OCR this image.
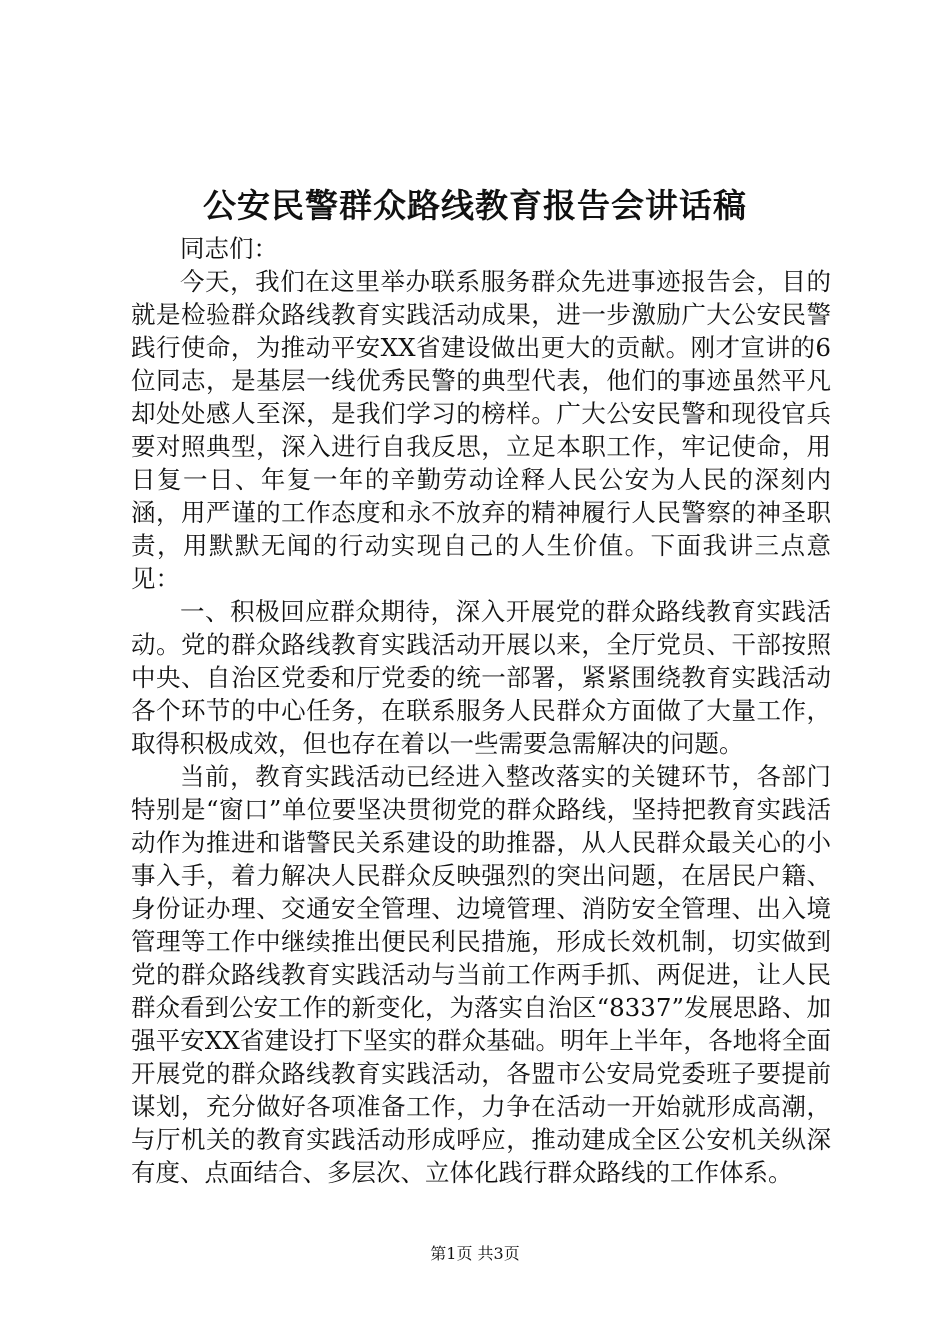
公安民警群众路线教育报告会讲话稿

同志们：

今天，我们在这里举办联系服务群众先进事迹报告会，目的就是检验群众路线教育实践活动成果，进一步激励广大公安民警践行使命，为推动平安XX省建设做出更大的贡献。刚才宣讲的6位同志，是基层一线优秀民警的典型代表，他们的事迹虽然平凡却处处感人至深，是我们学习的榜样。广大公安民警和现役官兵要对照典型，深入进行自我反思，立足本职工作，牢记使命，用日复一日、年复一年的辛勤劳动诠释人民公安为人民的深刻内涵，用严谨的工作态度和永不放弃的精神履行人民警察的神圣职责，用默默无闻的行动实现自己的人生价值。下面我讲三点意见：

一、积极回应群众期待，深入开展党的群众路线教育实践活动。党的群众路线教育实践活动开展以来，全厅党员、干部按照中央、自治区党委和厅党委的统一部署，紧紧围绕教育实践活动各个环节的中心任务，在联系服务人民群众方面做了大量工作，取得积极成效，但也存在着以一些需要急需解决的问题。

当前，教育实践活动已经进入整改落实的关键环节，各部门特别是“窗口”单位要坚决贯彻党的群众路线，坚持把教育实践活动作为推进和谐警民关系建设的助推器，从人民群众最关心的小事入手，着力解决人民群众反映强烈的突出问题，在居民户籍、身份证办理、交通安全管理、边境管理、消防安全管理、出入境管理等工作中继续推出便民利民措施，形成长效机制，切实做到党的群众路线教育实践活动与当前工作两手抓、两促进，让人民群众看到公安工作的新变化，为落实自治区“8337”发展思路、加强平安XX省建设打下坚实的群众基础。明年上半年，各地将全面开展党的群众路线教育实践活动，各盟市公安局党委班子要提前谋划，充分做好各项准备工作，力争在活动一开始就形成高潮，与厅机关的教育实践活动形成呼应，推动建成全区公安机关纵深有度、点面结合、多层次、立体化践行群众路线的工作体系。

第1页 共3页
